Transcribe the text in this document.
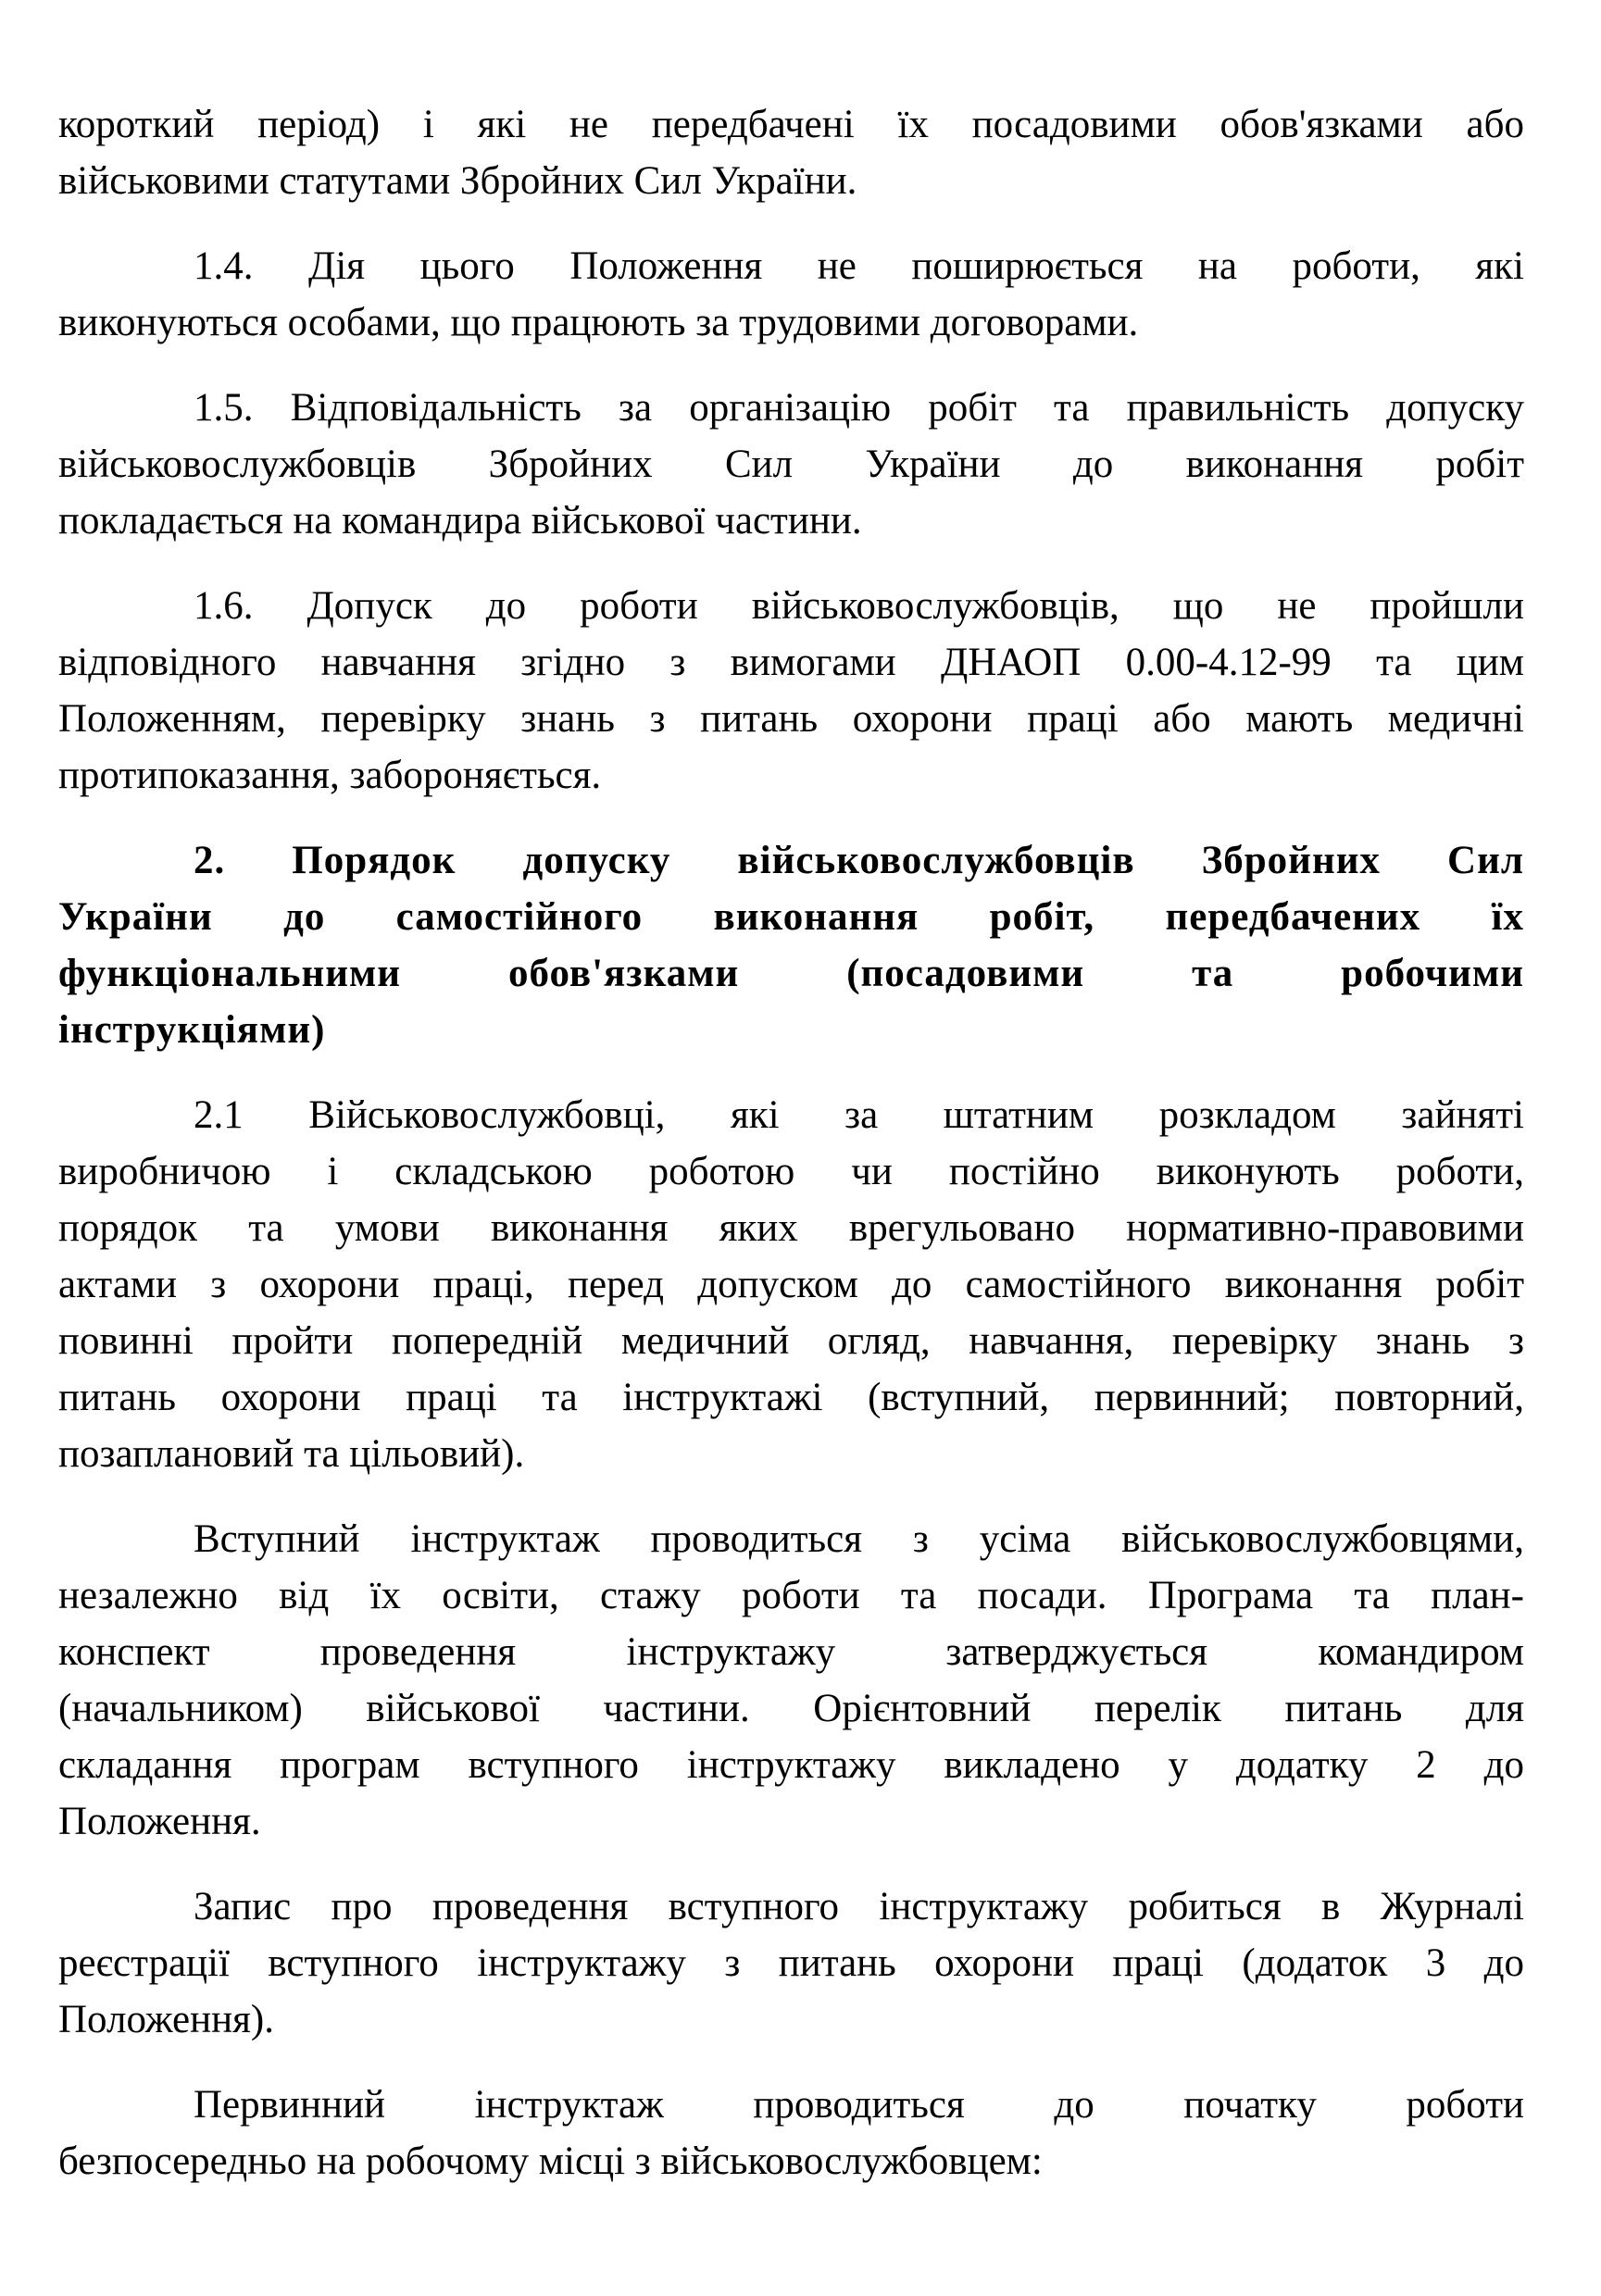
короткий період) і які не передбачені їх посадовими обов'язками або
військовими статутами Збройних Сил України.
1.4. Дія цього Положення не поширюється на роботи, які
виконуються особами, що працюють за трудовими договорами.
1.5. Відповідальність за організацію робіт та правильність допуску
військовослужбовців Збройних Сил України до виконання робіт
покладається на командира військової частини.
1.6. Допуск до роботи військовослужбовців, що не пройшли
відповідного навчання згідно з вимогами ДНАОП 0.00-4.12-99 та цим
Положенням, перевірку знань з питань охорони праці або мають медичні
протипоказання, забороняється.
2. Порядок допуску військовослужбовців Збройних Сил
України до самостійного виконання робіт, передбачених їх
функціональними обов'язками (посадовими та робочими
інструкціями)
2.1 Військовослужбовці, які за штатним розкладом зайняті
виробничою і складською роботою чи постійно виконують роботи,
порядок та умови виконання яких врегульовано нормативно-правовими
актами з охорони праці, перед допуском до самостійного виконання робіт
повинні пройти попередній медичний огляд, навчання, перевірку знань з
питань охорони праці та інструктажі (вступний, первинний; повторний,
позаплановий та цільовий).
Вступний інструктаж проводиться з усіма військовослужбовцями,
незалежно від їх освіти, стажу роботи та посади. Програма та план-
конспект проведення інструктажу затверджується командиром
(начальником) військової частини. Орієнтовний перелік питань для
складання програм вступного інструктажу викладено у додатку 2 до
Положення.
Запис про проведення вступного інструктажу робиться в Журналі
реєстрації вступного інструктажу з питань охорони праці (додаток 3 до
Положення).
Первинний інструктаж проводиться до початку роботи
безпосередньо на робочому місці з військовослужбовцем:
